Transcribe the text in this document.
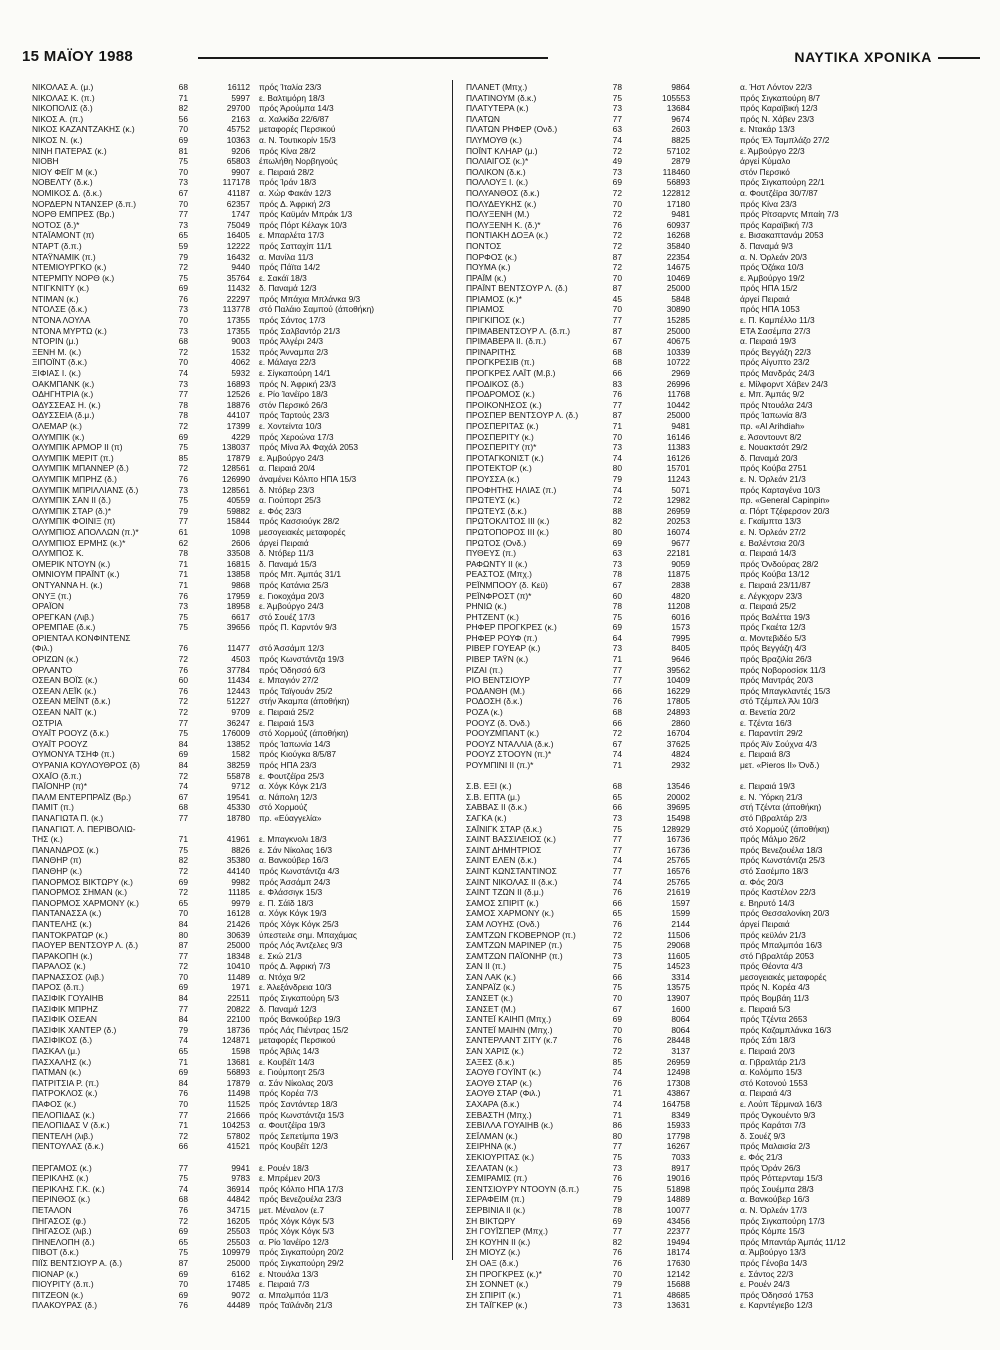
15 ΜΑΪΟΥ 1988	ΝΑΥΤΙΚΑ ΧΡΟΝΙΚΑ
ΝΙΚΟΛΑΣ Α. (μ.)	68	16112 πρός Ίταλία 23/3
ΝΙΚΟΛΑΣ Κ. (π.)	71	5997 ε. Βαλτιμόρη 18/3
ΝΙΚΟΠΟΛΙΣ (δ.)	82	29700 πρός Άρούμπα 14/3
ΝΙΚΟΣ Α. (π.)	56	2163 α. Χαλκίδα 22/6/87
ΝΙΚΟΣ ΚΑΖΑΝΤΖΑΚΗΣ (κ.)	70	45752 μεταφορές Περσικού
ΝΙΚΟΣ Ν. (κ.)	69	10363 α. Ν. Τουτικορίν 15/3
ΝΙΝΗ ΠΑΤΕΡΑΣ (κ.)	81	9206 πρός Κίνα 28/2
ΝΙΟΒΗ	75	65803 έπωλήθη Νορβηγούς
ΝΙΟΥ ΦΕΪΓ Μ (κ.)	70	9907 ε. Πειραιά 28/2
ΝΟΒΕΛΤΥ (δ.κ.)	73	117178 πρός Ίράν 18/3
ΝΟΜΙΚΟΣ Δ. (δ.κ.)	67	41187 α. Χώρ Φακάν 12/3
ΝΟΡΔΕΡΝ ΝΤΑΝΣΕΡ (δ.π.)	70	62357 πρός Δ. Άφρική 2/3
ΝΟΡΘ ΕΜΠΡΕΣ (Βρ.)	77	1747 πρός Καϋμάν Μπράκ 1/3
ΝΟΤΟΣ (δ.)*	73	75049 πρός Πόρτ Κέλαγκ 10/3
ΝΤΑΪΑΜΟΝΤ (π)	65	16405 ε. Μπαρλέτα 17/3
ΝΤΑΡΤ (δ.π.)	59	12222 πρός Σατταχίπ 11/1
ΝΤΑΫΝΑΜΙΚ (π.)	79	16432 α. Μανίλα 11/3
ΝΤΕΜΙΟΥΡΓΚΟ (κ.)	72	9440 πρός Πάϊτα 14/2
ΝΤΕΡΜΠΥ ΝΟΡΘ (κ.)	75	35764 ε. Σακάϊ 18/3
ΝΤΙΓΚΝΙΤΥ (κ.)	69	11432 δ. Παναμά 12/3
ΝΤΙΜΑΝ (κ.)	76	22297 πρός Μπάχια Μπλάνκα 9/3
ΝΤΟΛΣΕ (δ.κ.)	73	113778 στό Παλάιο Σαμπού (άποθήκη)
ΝΤΟΝΑ ΛΟΥΛΑ	70	17355 πρός Σάντος 17/3
ΝΤΟΝΑ ΜΥΡΤΩ (κ.)	73	17355 πρός Σαλβαντόρ 21/3
ΝΤΟΡΙΝ (μ.)	68	9003 πρός Άλγέρι 24/3
ΞΕΝΗ Μ. (κ.)	72	1532 πρός Άνναμπα 2/3
ΞΙΠΟΪΝΤ (δ.κ.)	70	4062 ε. Μάλαγα 22/3
ΞΙΦΙΑΣ Ι. (κ.)	74	5932 ε. Σίγκαπούρη 14/1
ΟΑΚΜΠΑΝΚ (κ.)	73	16893 πρός Ν. Άφρική 23/3
ΟΔΗΓΗΤΡΙΑ (κ.)	77	12526 ε. Ρίο Ίανέϊρο 18/3
ΟΔΥΣΣΕΑΣ Η. (κ.)	78	18876 στόν Περσικό 26/3
ΟΔΥΣΣΕΙΑ (δ.μ.)	78	44107 πρός Ταρτούς 23/3
ΟΛΕΜΑΡ (κ.)	72	17399 ε. Χοντείντα 10/3
ΟΛΥΜΠΙΚ (κ.)	69	4229 πρός Χεροώνα 17/3
ΟΛΥΜΠΙΚ ΑΡΜΟΡ ΙΙ (π)	75	138037 πρός Μίνα Άλ Φαχάλ 2053
ΟΛΥΜΠΙΚ ΜΕΡΙΤ (π.)	85	17879 ε. Άμβούργο 24/3
ΟΛΥΜΠΙΚ ΜΠΑΝΝΕΡ (δ.)	72	128561 α. Πειραιά 20/4
ΟΛΥΜΠΙΚ ΜΠΡΗΖ (δ.)	76	126990 άναμένει Κόλπο ΗΠΑ 15/3
ΟΛΥΜΠΙΚ ΜΠΡΙΛΛΙΑΝΣ (δ.)	73	128561 δ. Ντόβερ 23/3
ΟΛΥΜΠΙΚ ΣΑΝ ΙΙ (δ.)	75	40559 α. Γιούπορτ 25/3
ΟΛΥΜΠΙΚ ΣΤΑΡ (δ.)*	79	59882 ε. Φός 23/3
ΟΛΥΜΠΙΚ ΦΟΙΝΙΞ (π)	77	15844 πρός Κασσιούγκ 28/2
ΟΛΥΜΠΙΟΣ ΑΠΟΛΛΩΝ (π.)*	61	1098 μεσογειακές μεταφορές
ΟΛΥΜΠΙΟΣ ΕΡΜΗΣ (κ.)*	62	2606 άργεί Πειραιά
ΟΛΥΜΠΟΣ Κ.	78	33508 δ. Ντόβερ 11/3
ΟΜΕΡΙΚ ΝΤΟΥΝ (κ.)	71	16815 δ. Παναμά 15/3
ΟΜΝΙΟΥΜ ΠΡΑΪΝΤ (κ.)	71	13858 πρός Μπ. Άμπάς 31/1
ΟΝΤΥΑΝΝΑ Η. (κ.)	71	9868 πρός Κατάνια 25/3
ΟΝΥΞ (π.)	76	17959 ε. Γιοκοχάμα 20/3
ΟΡΑΪΟΝ	73	18958 ε. Άμβούργο 24/3
ΟΡΕΓΚΑΝ (Λιβ.)	75	6617 στό Σουέζ 17/3
ΟΡΕΜΠΑΕ (δ.κ.)	75	39656 πρός Π. Καρντόν 9/3
ΟΡΙΕΝΤΑΛ ΚΟΝΦΙΝΤΕΝΣ
(Φιλ.)	76	11477 στό Άσσάμπ 12/3
ΟΡΙΖΩΝ (κ.)	72	4503 πρός Κωνστάντζα 19/3
ΟΡΛΑΝΤΟ	76	37784 πρός Όδησσό 6/3
ΟΣΕΑΝ ΒΟΪΣ (κ.)	60	11434 ε. Μπαγιόν 27/2
ΟΣΕΑΝ ΛΕΪΚ (κ.)	76	12443 πρός Ταϊγουάν 25/2
ΟΣΕΑΝ ΜΕΪΝΤ (δ.κ.)	72	51227 στήν Άκαμπα (άποθήκη)
ΟΣΕΑΝ ΝΑΪΤ (κ.)	72	9709 ε. Πειραιά 25/2
ΟΣΤΡΙΑ	77	36247 ε. Πειραιά 15/3
ΟΥΑΪΤ ΡΟΟΥΖ (δ.κ.)	75	176009 στό Χορμούζ (άποθήκη)
ΟΥΑΪΤ ΡΟΟΥΖ	84	13852 πρός Ίαπωνία 14/3
ΟΥΜΟΝΥΑ ΤΣΗΦ (π.)	69	1582 πρός Κιούγκα 8/5/87
ΟΥΡΑΝΙΑ ΚΟΥΛΟΥΘΡΟΣ (δ)	84	38259 πρός ΗΠΑ 23/3
ΟΧΑΪΟ (δ.π.)	72	55878 ε. Φουτζέϊρα 25/3
ΠΑΪΟΝΗΡ (π)*	74	9712 α. Χόγκ Κόγκ 21/3
ΠΑΛΜ ΕΝΤΕΡΠΡΑΪΖ (Βρ.)	67	19541 α. Νάπολη 12/3
ΠΑΜΙΤ (π.)	68	45330 στό Χορμούζ
ΠΑΝΑΓΙΩΤΑ Π. (κ.)	77	18780 πρ. «Εύαγγελία»
ΠΑΝΑΓΙΩΤ. Λ. ΠΕΡΙΒΟΛΙΩ-
ΤΗΣ (κ.)	71	41961 ε. Μπαγκνολι 18/3
ΠΑΝΑΝΔΡΟΣ (κ.)	75	8826 ε. Σάν Νίκολας 16/3
ΠΑΝΘΗΡ (π)	82	35380 α. Βανκούβερ 16/3
ΠΑΝΘΗΡ (κ.)	72	44140 πρός Κωνστάντζα 4/3
ΠΑΝΟΡΜΟΣ ΒΙΚΤΩΡΥ (κ.)	69	9982 πρός Άσσάμπ 24/3
ΠΑΝΟΡΜΟΣ ΣΗΜΑΝ (κ.)	72	11185 ε. Φλάσσιγκ 15/3
ΠΑΝΟΡΜΟΣ ΧΑΡΜΟΝΥ (κ.)	65	9979 ε. Π. Σάϊδ 18/3
ΠΑΝΤΑΝΑΣΣΑ (κ.)	70	16128 α. Χόγκ Κόγκ 19/3
ΠΑΝΤΕΛΗΣ (κ.)	84	21426 πρός Χόγκ Κόγκ 25/3
ΠΑΝΤΟΚΡΑΤΩΡ (κ.)	80	30639 ύπεστειλε σημ. Μπαχάμας
ΠΑΟΥΕΡ ΒΕΝΤΣΟΥΡ Λ. (δ.)	87	25000 πρός Λός Άντζελες 9/3
ΠΑΡΑΚΟΠΗ (κ.)	77	18348 ε. Σκώ 21/3
ΠΑΡΑΛΟΣ (κ.)	72	10410 πρός Δ. Άφρική 7/3
ΠΑΡΝΑΣΣΟΣ (λιβ.)	70	11489 α. Ντόχα 9/2
ΠΑΡΟΣ (δ.π.)	69	1971 ε. Άλεξάνδρεια 10/3
ΠΑΣΙΦΙΚ ΓΟΥΑΙΗΒ	84	22511 πρός Σιγκαπούρη 5/3
ΠΑΣΙΦΙΚ ΜΠΡΗΖ	77	20822 δ. Παναμά 12/3
ΠΑΣΙΦΙΚ ΟΣΕΑΝ	84	22100 πρός Βανκούβερ 19/3
ΠΑΣΙΦΙΚ ΧΑΝΤΕΡ (δ.)	79	18736 πρός Λάς Πιέντρας 15/2
ΠΑΣΙΦΙΚΟΣ (δ.)	74	124871 μεταφορές Περσικού
ΠΑΣΚΑΛ (μ.)	65	1598 πρός Άβιλς 14/3
ΠΑΣΧΑΛΗΣ (κ.)	71	13681 ε. Κουβέϊτ 14/3
ΠΑΤΜΑΝ (κ.)	69	56893 ε. Γιούμποητ 25/3
ΠΑΤΡΙΤΣΙΑ Ρ. (π.)	84	17879 α. Σάν Νίκολας 20/3
ΠΑΤΡΟΚΛΟΣ (κ.)	76	11498 πρός Κορέα 7/3
ΠΑΦΟΣ (κ.)	70	11525 πρός Σαντάντερ 18/3
ΠΕΛΟΠΙΔΑΣ (κ.)	77	21666 πρός Κωνστάντζα 15/3
ΠΕΛΟΠΙΔΑΣ V (δ.κ.)	71	104253 α. Φουτζέϊρα 19/3
ΠΕΝΤΕΛΗ (λιβ.)	72	57802 πρός Σεπετίμπα 19/3
ΠΕΝΤΟΥΛΑΣ (δ.κ.)	66	41521 πρός Κουβέϊτ 12/3
ΠΕΡΓΑΜΟΣ (κ.)	77	9941 ε. Ρουέν 18/3
ΠΕΡΙΚΛΗΣ (κ.)	75	9783 ε. Μπρέμεν 20/3
ΠΕΡΙΚΛΗΣ Γ.Κ. (κ.)	74	36914 πρός Κόλπο ΗΠΑ 17/3
ΠΕΡΙΝΘΟΣ (κ.)	68	44842 πρός Βενεζουέλα 23/3
ΠΕΤΑΛΟΝ	76	34715 μετ. Μέναλον (ε.7
ΠΗΓΑΣΟΣ (φ.)	72	16205 πρός Χόγκ Κόγκ 5/3
ΠΗΓΑΣΟΣ (λιβ.)	69	25503 πρός Χόγκ Κόγκ 5/3
ΠΗΝΕΛΟΠΗ (δ.)	65	25503 α. Ρίο Ίανέϊρο 12/3
ΠΙΒΟΤ (δ.κ.)	75	109979 πρός Σιγκαπούρη 20/2
ΠΙΪΣ ΒΕΝΤΣΙΟΥΡ Α. (δ.)	87	25000 πρός Σιγκαπούρη 29/2
ΠΙΟΝΑΡ (κ.)	69	6162 ε. Ντουάλα 13/3
ΠΙΟΥΡΙΤΥ (δ.π.)	70	17485 ε. Πειραιά 7/3
ΠΙΤΖΕΟΝ (κ.)	69	9072 α. Μπαλμπόα 11/3
ΠΛΑΚΟΥΡΑΣ (δ.)	76	44489 πρός Ταϊλάνδη 21/3
ΠΛΑΝΕΤ (Μπχ.)	78	9864	α. Ήστ Λόντον 22/3
ΠΛΑΤΙΝΟΥΜ (δ.κ.)	75	105553	πρός Σιγκαπούρη 8/7
ΠΛΑΤΥΤΕΡΑ (κ.)	73	13684	πρός Καραϊβική 12/3
ΠΛΑΤΩΝ	77	9674	πρός Ν. Χάβεν 23/3
ΠΛΑΤΩΝ ΡΗΦΕΡ (Ονδ.)	63	2603	ε. Ντακάρ 13/3
ΠΛΥΜΟΥΘ (κ.)	74	8825	πρός Έλ Ταμπλάζο 27/2
ΠΟΪΝΤ ΚΛΗΑΡ (μ.)	72	57102	ε. Άμβούργο 22/3
ΠΟΛΙΑΙΓΟΣ (κ.)*	49	2879	άργεί Κύμαλο
ΠΟΛΙΚΟΝ (δ.κ.)	73	118460	στόν Περσικό
ΠΟΛΛΟΥΞ Ι. (κ.)	69	56893	πρός Σιγκαπούρη 22/1
ΠΟΛΥΑΝΘΟΣ (δ.κ.)	72	122812	α. Φουτζέϊρα 30/7/87
ΠΟΛΥΔΕΥΚΗΣ (κ.)	70	17180	πρός Κίνα 23/3
ΠΟΛΥΞΕΝΗ (Μ.)	72	9481	πρός Ρίτσαρντς Μπαίη 7/3
ΠΟΛΥΞΕΝΗ Κ. (δ.)*	76	60937	πρός Καραϊβική 7/3
ΠΟΝΤΙΑΚΗ ΔΟΞΑ (κ.)	72	16268	ε. Βισακαπτανάμ 2053
ΠΟΝΤΟΣ	72	35840	δ. Παναμά 9/3
ΠΟΡΦΟΣ (κ.)	87	22354	α. Ν. Όρλεάν 20/3
ΠΟΥΜΑ (κ.)	72	14675	πρός Όζάκα 10/3
ΠΡΑΪΜ (κ.)	70	10469	ε. Άμβούργο 19/2
ΠΡΑΪΝΤ ΒΕΝΤΣΟΥΡ Λ. (δ.)	87	25000	πρός ΗΠΑ 15/2
ΠΡΙΑΜΟΣ (κ.)*	45	5848	άργεί Πειραιά
ΠΡΙΑΜΟΣ	70	30890	πρός ΗΠΑ 1053
ΠΡΙΓΚΙΠΟΣ (κ.)	77	15285	ε. Π. Καμπέλλο 11/3
ΠΡΙΜΑΒΕΝΤΣΟΥΡ Λ. (δ.π.)	87	25000	ΕΤΑ Σασέμπα 27/3
ΠΡΙΜΑΒΕΡΑ ΙΙ. (δ.π.)	67	40675	α. Πειραιά 19/3
ΠΡΙΝΑΡΙΤΗΣ	68	10339	πρός Βεγγάζη 22/3
ΠΡΟΓΚΡΕΣΙΒ (π.)	68	10722	πρός Αίγυπτο 23/2
ΠΡΟΓΚΡΕΣ ΛΑΪΤ (Μ.β.)	66	2969	πρός Μανδράς 24/3
ΠΡΟΔΙΚΟΣ (δ.)	83	26996	ε. Μίλφορντ Χάβεν 24/3
ΠΡΟΔΡΟΜΟΣ (κ.)	76	11768	ε. Μπ. Άμπάς 9/2
ΠΡΟΙΚΟΝΗΣΟΣ (κ.)	77	10442	πρός Ντουάλα 24/3
ΠΡΟΣΠΕΡ ΒΕΝΤΣΟΥΡ Λ. (δ.)	87	25000	πρός Ίαπωνία 8/3
ΠΡΟΣΠΕΡΙΤΑΣ (κ.)	71	9481	πρ. «Αl Arihdiah»
ΠΡΟΣΠΕΡΙΤΥ (κ.)	70	16146	ε. Άσοντουντ 8/2
ΠΡΟΣΠΕΡΙΤΥ (π)*	73	11383	ε. Νουακτσότ 29/2
ΠΡΟΤΑΓΚΟΝΙΣΤ (κ.)	74	16126	δ. Παναμά 20/3
ΠΡΟΤΕΚΤΟΡ (κ.)	80	15701	πρός Κούβα 2751
ΠΡΟΥΣΣΑ (κ.)	79	11243	ε. Ν. Όρλεάν 21/3
ΠΡΟΦΗΤΗΣ ΗΛΙΑΣ (π.)	74	5071	πρός Καρταγένα 10/3
ΠΡΩΤΕΥΣ (κ.)	72	12982	πρ. «General Capinpin»
ΠΡΩΤΕΥΣ (δ.κ.)	88	26959	α. Πόρτ Τζέφερσον 20/3
ΠΡΩΤΟΚΛΙΤΟΣ ΙΙΙ (κ.)	82	20253	ε. Γκαϊμπτα 13/3
ΠΡΩΤΟΠΟΡΟΣ ΙΙΙ (κ.)	80	16074	ε. Ν. Όρλεάν 27/2
ΠΡΩΤΟΣ (Ονδ.)	69	9677	ε. Βαλέντσια 20/3
ΠΥΘΕΥΣ (π.)	63	22181	α. Πειραιά 14/3
ΡΑΦΩΝΤΥ ΙΙ (κ.)	73	9059	πρός Όνδούρας 28/2
ΡΕΑΣΤΟΣ (Μπχ.)	78	11875	πρός Κούβα 13/12
ΡΕΪΝΜΠΟΟΥ (δ. Κεϋ)	67	2838	ε. Πειραιά 23/11/87
ΡΕΪΝΦΡΟΣΤ (π)*	60	4820	ε. Λέγκχορν 23/3
ΡΗΝΙΩ (κ.)	78	11208	α. Πειραιά 25/2
ΡΗΤΖΕΝΤ (κ.)	75	6016	πρός Βαλέττα 19/3
ΡΗΦΕΡ ΠΡΟΓΚΡΕΣ (κ.)	69	1573	πρός Γκαέτα 12/3
ΡΗΦΕΡ ΡΟΥΦ (π.)	64	7995	α. Μοντεβιδέο 5/3
ΡΙΒΕΡ ΓΟΥΕΑΡ (κ.)	73	8405	πρός Βεγγάζη 4/3
ΡΙΒΕΡ ΤΑΫΝ (κ.)	71	9646	πρός Βραζιλία 26/3
ΡΙΖΑΙ (π.)	77	39562	πρός Νοβοροσίσκ 11/3
ΡΙΟ ΒΕΝΤΣΙΟΥΡ	77	10409	πρός Μαντράς 20/3
ΡΟΔΑΝΘΗ (Μ.)	66	16229	πρός Μπαγκλαντές 15/3
ΡΟΔΟΣΗ (δ.κ.)	76	17805	στό Τζέμπελ Άλι 10/3
ΡΟΖΑ (κ.)	68	24893	α. Βενετία 20/2
ΡΟΟΥΖ (δ. Όνδ.)	66	2860	ε. Τζέντα 16/3
ΡΟΟΥΖΜΠΑΝΤ (κ.)	72	16704	ε. Παραντίπ 29/2
ΡΟΟΥΖ ΝΤΑΛΛΙΑ (δ.κ.)	67	37625	πρός Άϊν Σούχνα 4/3
ΡΟΟΥΖ ΣΤΟΟΥΝ (π.)*	74	4824	ε. Πειραιά 8/3
ΡΟΥΜΠΙΝΙ ΙΙ (π.)*	71	2932	μετ. «Pieros II» Όνδ.)
Σ.Β. ΕΞΙ (κ.)	68	13546	ε. Πειραιά 19/3
Σ.Β. ΕΠΤΑ (μ.)	65	20002	ε. Ν. Ύόρκη 21/3
ΣΑΒΒΑΣ ΙΙ (δ.κ.)	66	39695	στή Τζέντα (άποθήκη)
ΣΑΓΚΑ (κ.)	73	15498	στό Γιβραλτάρ 2/3
ΣΑΪΝΙΓΚ ΣΤΑΡ (δ.κ.)	75	128929	στό Χορμούζ (άποθήκη)
ΣΑΙΝΤ ΒΑΣΣΙΛΕΙΟΣ (κ.)	77	16736	πρός Μάλμο 26/2
ΣΑΙΝΤ ΔΗΜΗΤΡΙΟΣ	77	16736	πρός Βενεζουέλα 18/3
ΣΑΙΝΤ ΕΛΕΝ (δ.κ.)	74	25765	πρός Κωνστάντζα 25/3
ΣΑΙΝΤ ΚΩΝΣΤΑΝΤΙΝΟΣ	77	16576	στό Σασέμπο 18/3
ΣΑΙΝΤ ΝΙΚΟΛΑΣ ΙΙ (δ.κ.)	74	25765	α. Φός 20/3
ΣΑΙΝΤ ΤΖΩΝ ΙΙ (δ.μ.)	76	21619	πρός Καστέλον 22/3
ΣΑΜΟΣ ΣΠΙΡΙΤ (κ.)	66	1597	ε. Βηρυτό 14/3
ΣΑΜΟΣ ΧΑΡΜΟΝΥ (κ.)	65	1599	πρός Θεσσαλονίκη 20/3
ΣΑΜ ΛΟΥΗΣ (Ονδ.)	76	2144	άργεί Πειραιά
ΣΑΜΤΖΩΝ ΓΚΟΒΕΡΝΟΡ (π.)	72	11506	πρός κεϋλάν 21/3
ΣΑΜΤΖΩΝ ΜΑΡΙΝΕΡ (π.)	75	29068	πρός Μπαλμπόα 16/3
ΣΑΜΤΖΩΝ ΠΑΪΟΝΗΡ (π.)	73	11605	στό Γιβραλτάρ 2053
ΣΑΝ ΙΙ (π.)	75	14523	πρός Θέοντα 4/3
ΣΑΝ ΛΑΚ (κ.)	66	3314	μεσογειακές μεταφορές
ΣΑΝΡΑΪΖ (κ.)	75	13575	πρός Ν. Κορέα 4/3
ΣΑΝΣΕΤ (κ.)	70	13907	πρός Βομβάη 11/3
ΣΑΝΣΕΤ (Μ.)	67	1600	ε. Πειραιά 5/3
ΣΑΝΤΕΪ ΚΑΙΗΠ (Μπχ.)	69	8064	πρός Τζέντα 2653
ΣΑΝΤΕΪ ΜΑΙΗΝ (Μπχ.)	70	8064	πρός Καζαμπλάνκα 16/3
ΣΑΝΤΕΡΛΑΝΤ ΣΙΤΥ (κ.7	76	28448	πρός Σάτι 18/3
ΣΑΝ ΧΑΡΙΣ (κ.)	72	3137	ε. Πειραιά 20/3
ΣΑΞΕΣ (δ.κ.)	85	26959	α. Γιβραλτάρ 21/3
ΣΑΟΥΘ ΓΟΥΪΝΤ (κ.)	74	12498	α. Κολόμπο 15/3
ΣΑΟΥΘ ΣΤΑΡ (κ.)	76	17308	στό Κοτονού 1553
ΣΑΟΥΘ ΣΤΑΡ (Φιλ.)	71	43867	α. Πειραιά 4/3
ΣΑΧΑΡΑ (δ.κ.)	74	164758	ε. Λούπ Τέρμιναλ 16/3
ΣΕΒΑΣΤΗ (Μπχ.)	71	8349	πρός Όγκουέντο 9/3
ΣΕΒΙΛΛΑ ΓΟΥΑΙΗΒ (κ.)	86	15933	πρός Καράτσι 7/3
ΣΕΪΛΜΑΝ (κ.)	80	17798	δ. Σουέζ 9/3
ΣΕΙΡΗΝΑ (κ.)	77	16267	πρός Μαλαισία 2/3
ΣΕΚΙΟΥΡΙΤΑΣ (κ.)	75	7033	ε. Φός 21/3
ΣΕΛΑΤΑΝ (κ.)	73	8917	πρός Όράν 26/3
ΣΕΜΙΡΑΜΙΣ (π.)	76	19016	πρός Ρόττερνταμ 15/3
ΣΕΝΤΣΙΟΥΡΥ ΝΤΟΟΥΝ (δ.π.)	75	51898	πρός Σουέμπα 28/3
ΣΕΡΑΦΕΙΜ (π.)	79	14889	α. Βανκούβερ 16/3
ΣΕΡΒΙΝΙΑ ΙΙ (κ.)	78	10077	α. Ν. Όρλεάν 17/3
ΣΗ ΒΙΚΤΩΡΥ	69	43456	πρός Σιγκαπούρη 17/3
ΣΗ ΓΟΥΪΣΠΕΡ (Μπχ.)	77	22377	πρός Κόμπε 15/3
ΣΗ ΚΟΥΗΝ ΙΙ (κ.)	82	19494	πρός Μπαντάρ Άμπάς 11/12
ΣΗ ΜΙΟΥΖ (κ.)	76	18174	α. Άμβούργο 13/3
ΣΗ ΟΑΞ (δ.κ.)	76	17630	πρός Γένοβα 14/3
ΣΗ ΠΡΟΓΚΡΕΣ (κ.)*	70	12142	ε. Σάντος 22/3
ΣΗ ΣΟΝΝΕΤ (κ.)	79	15688	ε. Ρουέν 24/3
ΣΗ ΣΠΙΡΙΤ (κ.)	71	48685	πρός Όδησσό 1753
ΣΗ ΤΑΪΓΚΕΡ (κ.)	73	13631	ε. Καρντέγιεβο 12/3
